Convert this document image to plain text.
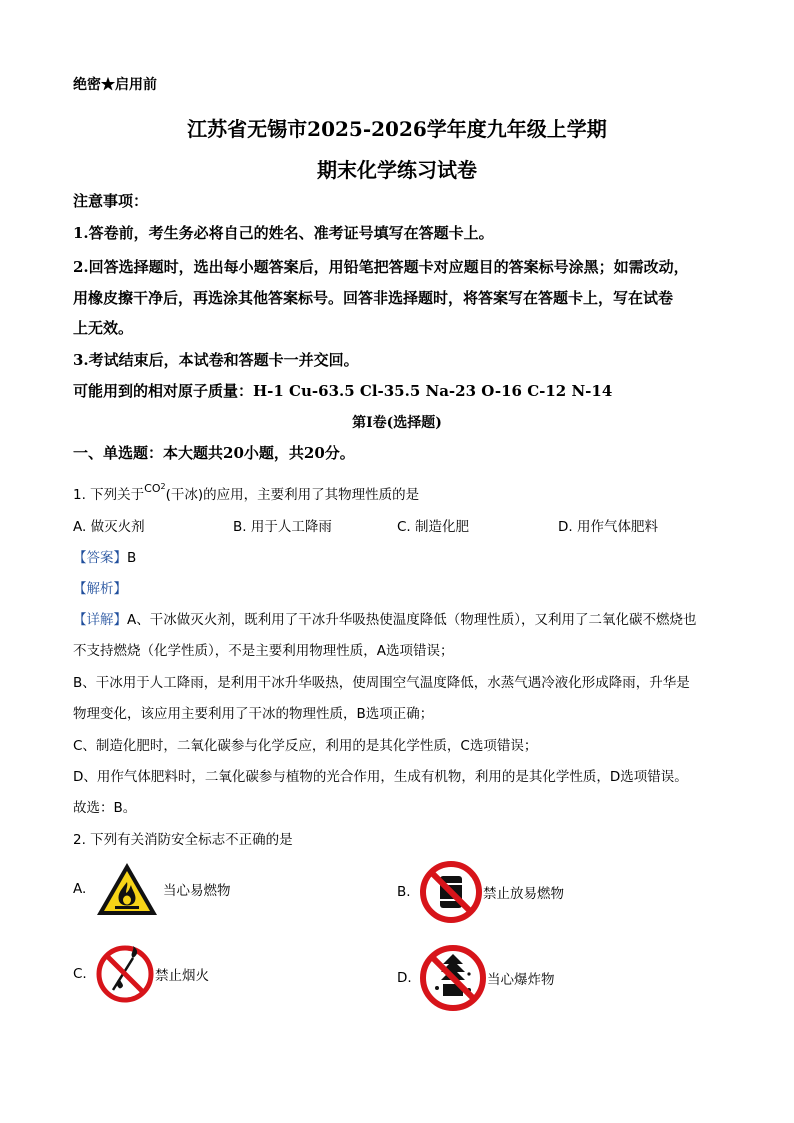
绝密★启用前
江苏省无锡市2025-2026学年度九年级上学期
期末化学练习试卷
注意事项：
1.答卷前，考生务必将自己的姓名、准考证号填写在答题卡上。
2.回答选择题时，选出每小题答案后，用铅笔把答题卡对应题目的答案标号涂黑；如需改动，
用橡皮擦干净后，再选涂其他答案标号。回答非选择题时，将答案写在答题卡上，写在试卷
上无效。
3.考试结束后，本试卷和答题卡一并交回。
可能用到的相对原子质量：H-1 Cu-63.5 Cl-35.5 Na-23 O-16 C-12 N-14
第I卷(选择题)
一、单选题：本大题共20小题，共20分。
1. 下列关于$^{CO^2}$(干冰)的应用，主要利用了其物理性质的是
A. 做灭火剂	B. 用于人工降雨	C. 制造化肥	D. 用作气体肥料
【答案】B
【解析】
【详解】A、干冰做灭火剂，既利用了干冰升华吸热使温度降低（物理性质），又利用了二氧化碳不燃烧也
不支持燃烧（化学性质），不是主要利用物理性质，A选项错误；
B、干冰用于人工降雨，是利用干冰升华吸热，使周围空气温度降低，水蒸气遇冷液化形成降雨，升华是
物理变化，该应用主要利用了干冰的物理性质，B选项正确；
C、制造化肥时，二氧化碳参与化学反应，利用的是其化学性质，C选项错误；
D、用作气体肥料时，二氧化碳参与植物的光合作用，生成有机物，利用的是其化学性质，D选项错误。
故选：B。
2. 下列有关消防安全标志不正确的是
A.	当心易燃物	B.	禁止放易燃物
C.	禁止烟火	D.	当心爆炸物
